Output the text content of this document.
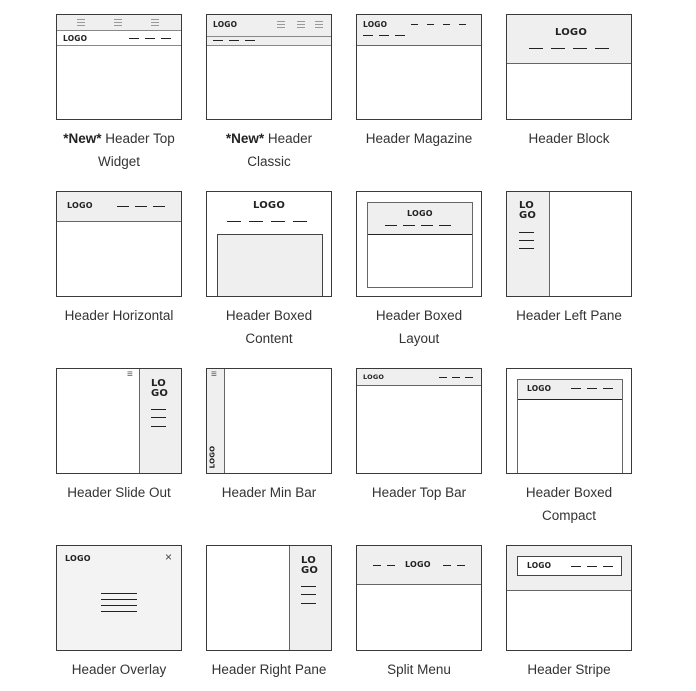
LOGO
*New* Header Top
Widget
LOGO
*New* Header
Classic
LOGO
Header Magazine
LOGO
Header Block
LOGO
Header Horizontal
LOGO
Header Boxed
Content
LOGO
Header Boxed
Layout
LO
GO
Header Left Pane
≡
LO
GO
Header Slide Out
≡
LOGO
Header Min Bar
LOGO
Header Top Bar
LOGO
Header Boxed
Compact
LOGO	×
Header Overlay
LO
GO
Header Right Pane
LOGO
Split Menu
LOGO
Header Stripe
